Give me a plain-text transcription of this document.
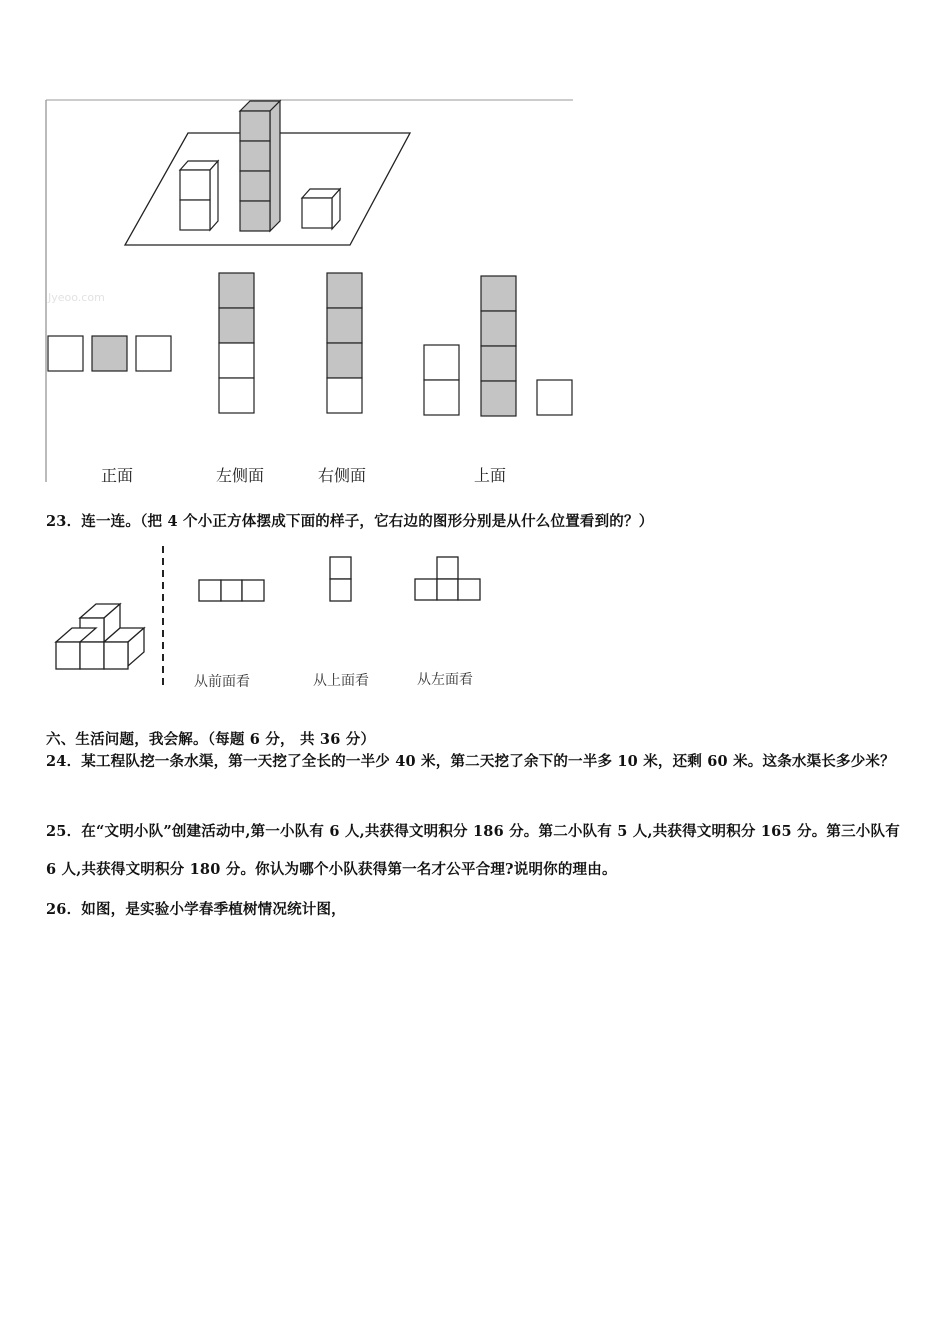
Jyeoo.com
正面	左侧面	右侧面	上面
23．连一连。（把 4 个小正方体摆成下面的样子，它右边的图形分别是从什么位置看到的？）
从前面看	从上面看	从左面看
六、生活问题，我会解。（每题 6 分， 共 36 分）
24．某工程队挖一条水渠，第一天挖了全长的一半少 40 米，第二天挖了余下的一半多 10 米，还剩 60 米。这条水渠长多少米？
25．在“文明小队”创建活动中,第一小队有 6 人,共获得文明积分 186 分。第二小队有 5 人,共获得文明积分 165 分。第三小队有 6 人,共获得文明积分 180 分。你认为哪个小队获得第一名才公平合理?说明你的理由。
26．如图，是实验小学春季植树情况统计图，
